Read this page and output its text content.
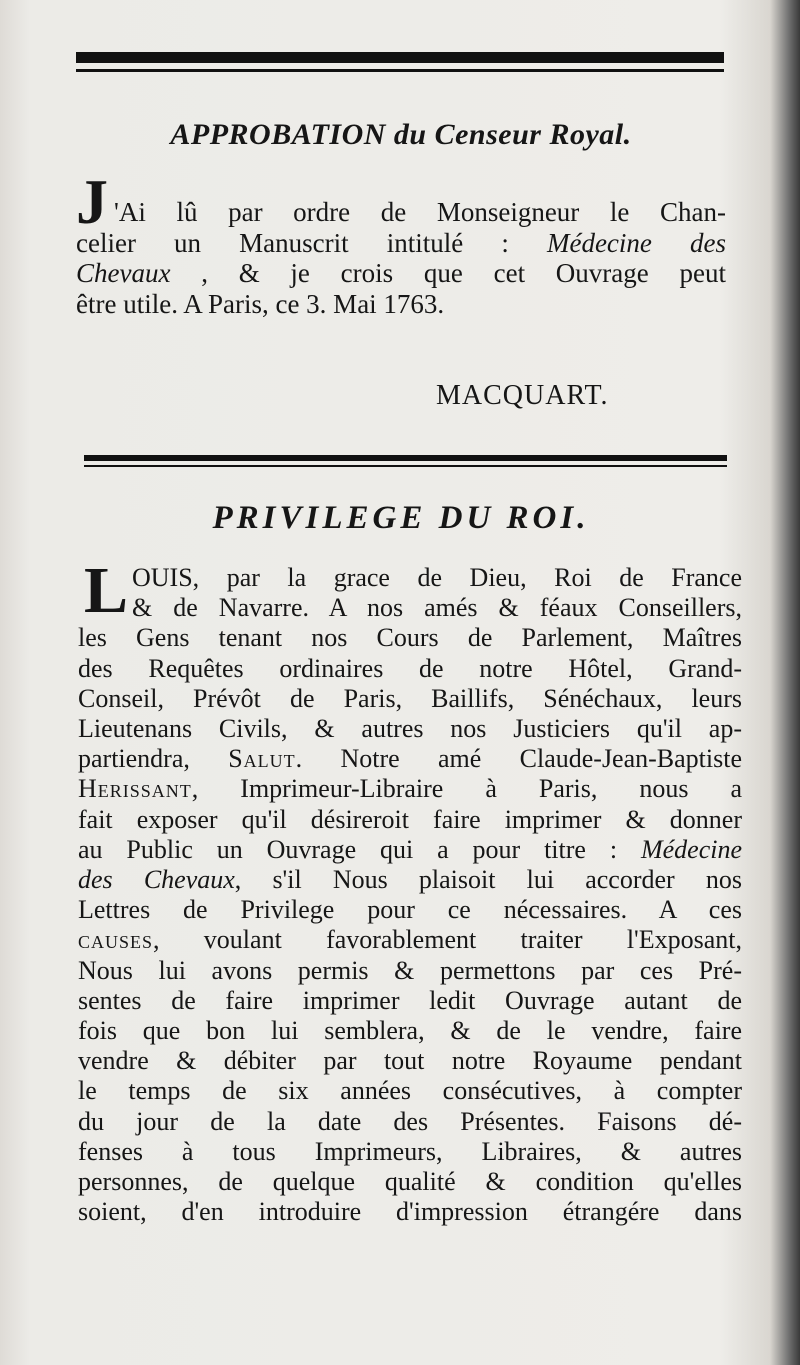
APPROBATION du Censeur Royal.
J 'Ai lû par ordre de Monseigneur le Chan-
celier un Manuscrit intitulé : Médecine des
Chevaux , & je crois que cet Ouvrage peut
être utile. A Paris, ce 3. Mai 1763.
MACQUART.
PRIVILEGE DU ROI.
L OUIS, par la grace de Dieu, Roi de France
& de Navarre. A nos amés & féaux Conseillers,
les Gens tenant nos Cours de Parlement, Maîtres
des Requêtes ordinaires de notre Hôtel, Grand-
Conseil, Prévôt de Paris, Baillifs, Sénéchaux, leurs
Lieutenans Civils, & autres nos Justiciers qu'il ap-
partiendra, Salut. Notre amé Claude-Jean-Baptiste
Herissant, Imprimeur-Libraire à Paris, nous a
fait exposer qu'il désireroit faire imprimer & donner
au Public un Ouvrage qui a pour titre : Médecine
des Chevaux, s'il Nous plaisoit lui accorder nos
Lettres de Privilege pour ce nécessaires. A ces
causes, voulant favorablement traiter l'Exposant,
Nous lui avons permis & permettons par ces Pré-
sentes de faire imprimer ledit Ouvrage autant de
fois que bon lui semblera, & de le vendre, faire
vendre & débiter par tout notre Royaume pendant
le temps de six années consécutives, à compter
du jour de la date des Présentes. Faisons dé-
fenses à tous Imprimeurs, Libraires, & autres
personnes, de quelque qualité & condition qu'elles
soient, d'en introduire d'impression étrangére dans
